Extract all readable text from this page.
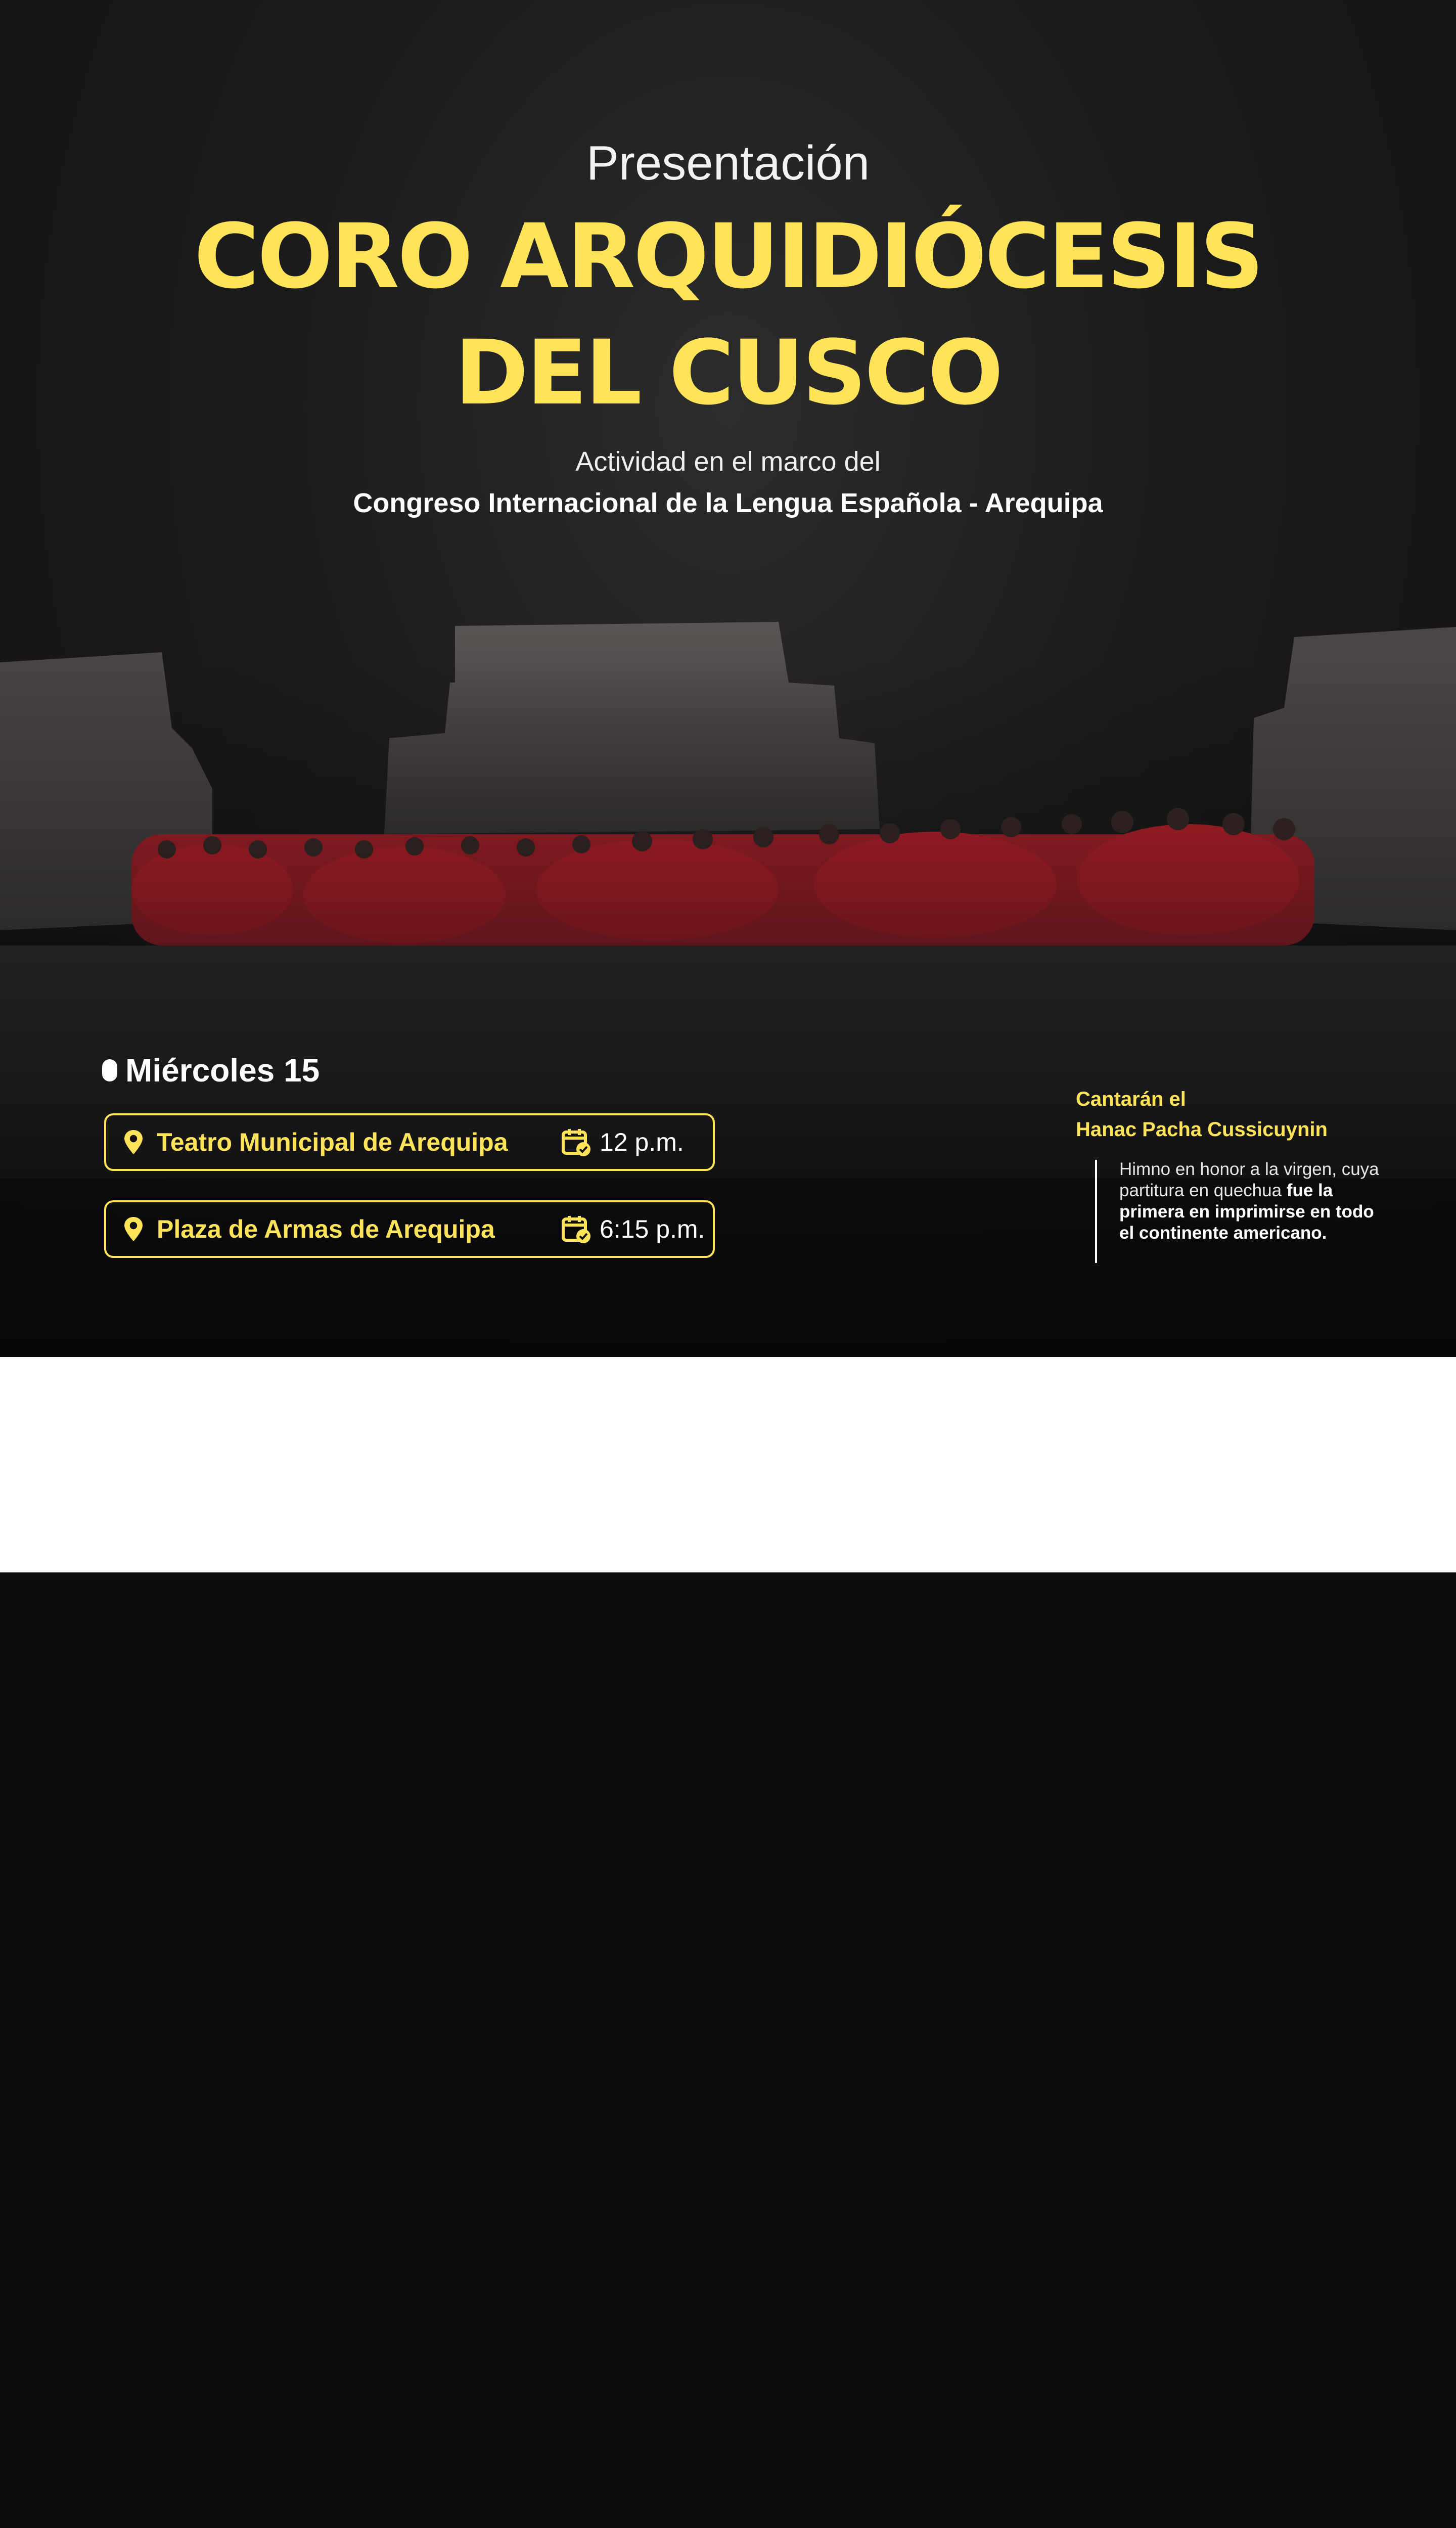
Presentación
CORO ARQUIDIÓCESIS
DEL CUSCO
Actividad en el marco del
Congreso Internacional de la Lengua Española - Arequipa
Miércoles 15
Teatro Municipal de Arequipa	12 p.m.
Plaza de Armas de Arequipa	6:15 p.m.
Cantarán el
Hanac Pacha Cussicuynin
Himno en honor a la virgen, cuya partitura en quechua fue la primera en imprimirse en todo el continente americano.
